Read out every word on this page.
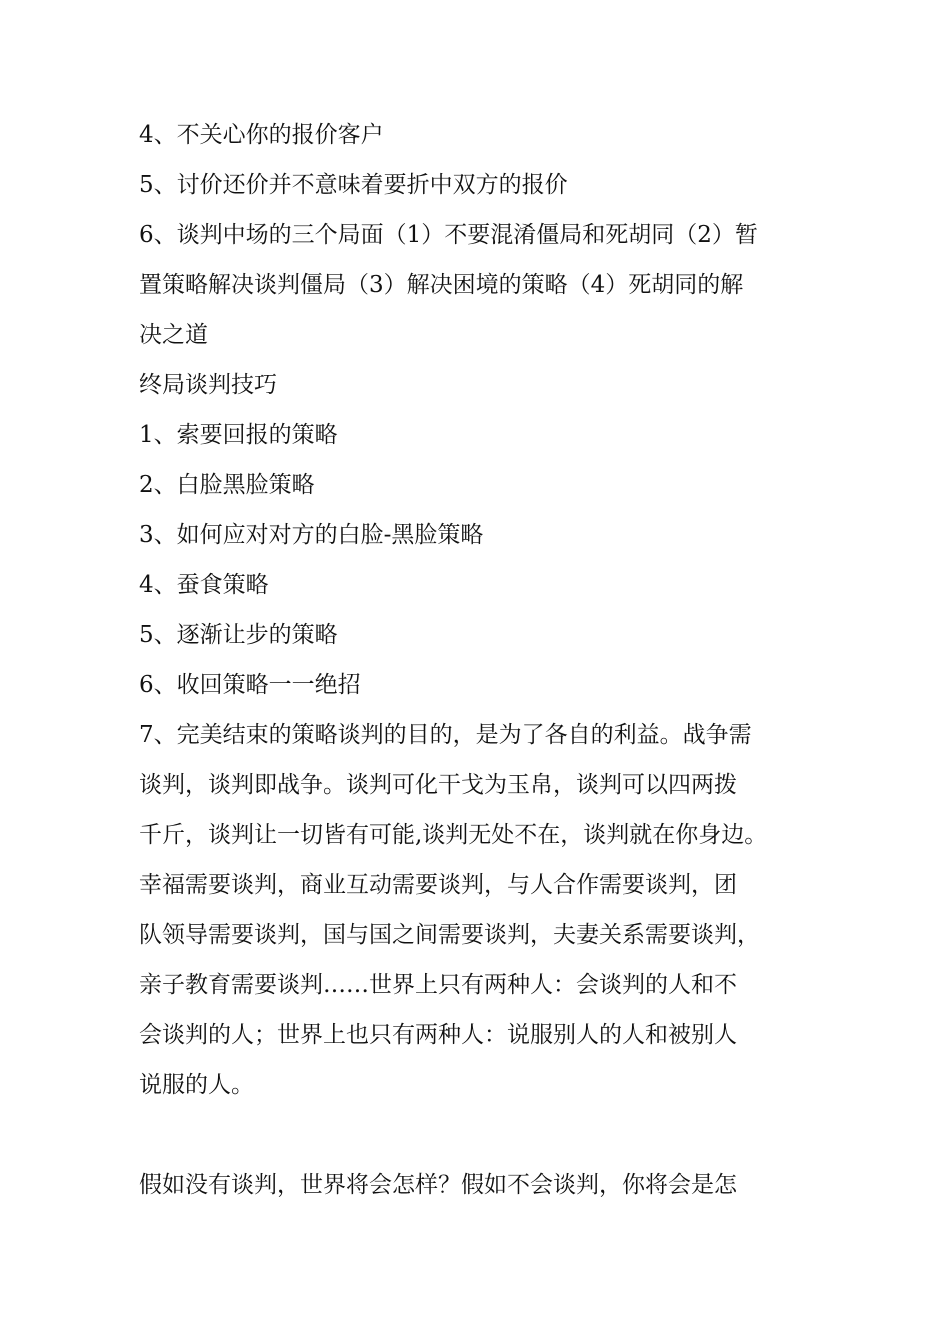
4、不关心你的报价客户
5、讨价还价并不意味着要折中双方的报价
6、谈判中场的三个局面（1）不要混淆僵局和死胡同（2）暂
置策略解决谈判僵局（3）解决困境的策略（4）死胡同的解
决之道
终局谈判技巧
1、索要回报的策略
2、白脸黑脸策略
3、如何应对对方的白脸-黑脸策略
4、蚕食策略
5、逐渐让步的策略
6、收回策略一一绝招
7、完美结束的策略谈判的目的，是为了各自的利益。战争需
谈判，谈判即战争。谈判可化干戈为玉帛，谈判可以四两拨
千斤，谈判让一切皆有可能,谈判无处不在，谈判就在你身边。
幸福需要谈判，商业互动需要谈判，与人合作需要谈判，团
队领导需要谈判，国与国之间需要谈判，夫妻关系需要谈判，
亲子教育需要谈判……世界上只有两种人：会谈判的人和不
会谈判的人；世界上也只有两种人：说服别人的人和被别人
说服的人。
假如没有谈判，世界将会怎样？假如不会谈判，你将会是怎
